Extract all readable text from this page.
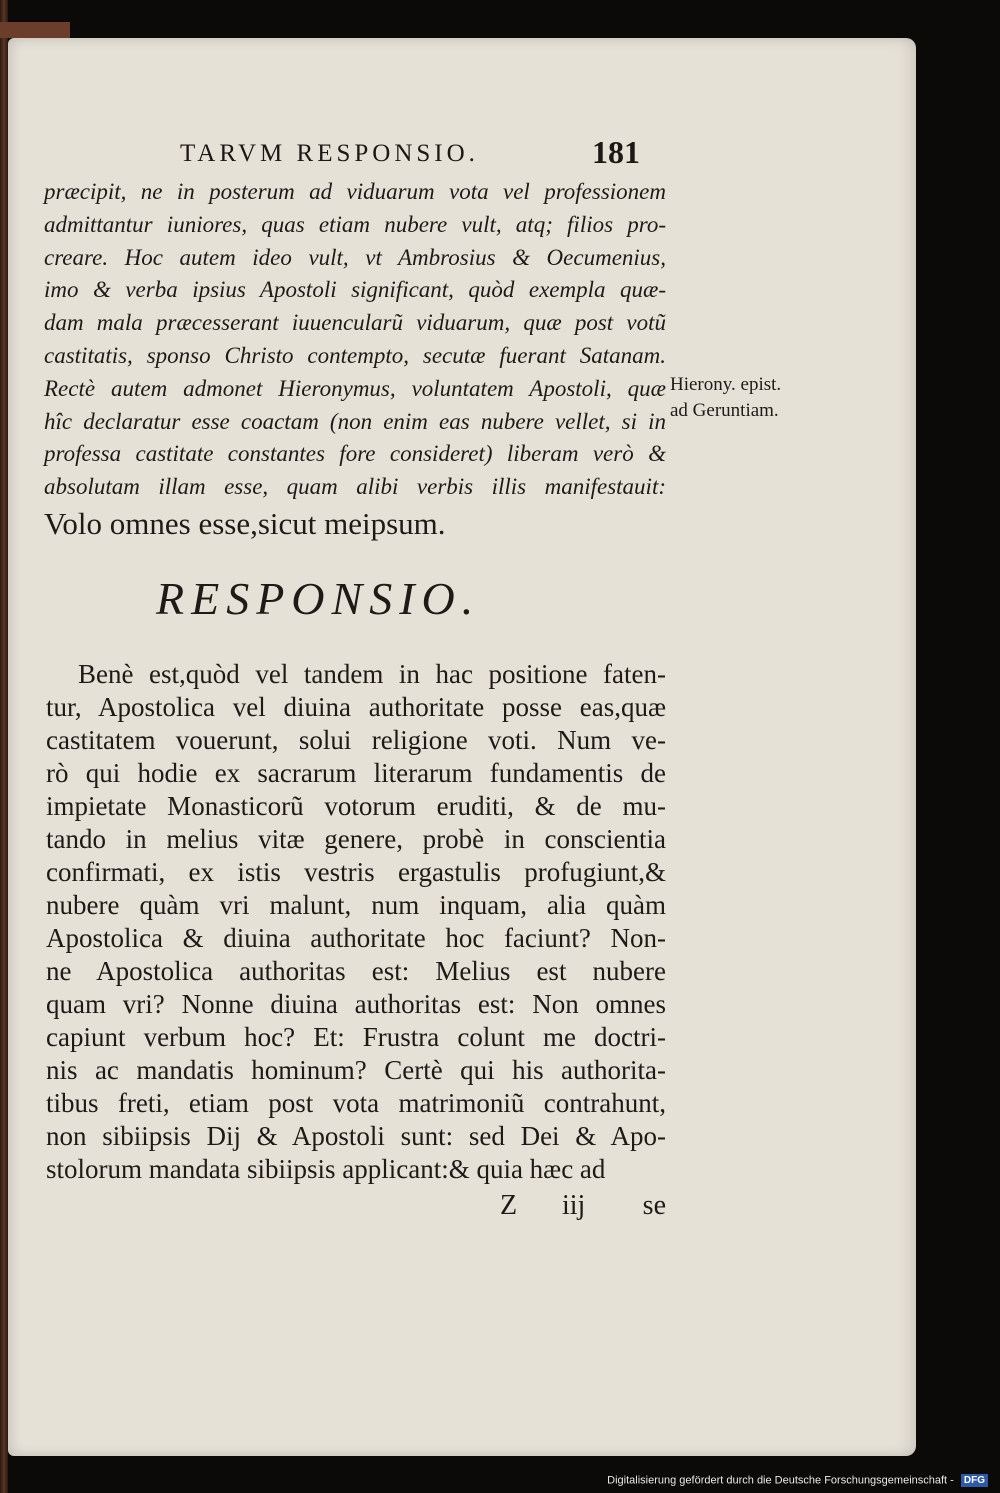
TARVM RESPONSIO.	181
præcipit, ne in posterum ad viduarum vota vel professionem
admittantur iuniores, quas etiam nubere vult, atq; filios pro-
creare. Hoc autem ideo vult, vt Ambrosius & Oecumenius,
imo & verba ipsius Apostoli significant, quòd exempla quæ-
dam mala præcesserant iuuencularũ viduarum, quæ post votũ
castitatis, sponso Christo contempto, secutæ fuerant Satanam.
Rectè autem admonet Hieronymus, voluntatem Apostoli, quæ
hîc declaratur esse coactam (non enim eas nubere vellet, si in
professa castitate constantes fore consideret) liberam verò &
absolutam illam esse, quam alibi verbis illis manifestauit:
Volo omnes esse,sicut meipsum.
Hierony. epist.
ad Geruntiam.
RESPONSIO.
Benè est,quòd vel tandem in hac positione faten-
tur, Apostolica vel diuina authoritate posse eas,quæ
castitatem vouerunt, solui religione voti. Num ve-
rò qui hodie ex sacrarum literarum fundamentis de
impietate Monasticorũ votorum eruditi, & de mu-
tando in melius vitæ genere, probè in conscientia
confirmati, ex istis vestris ergastulis profugiunt,&
nubere quàm vri malunt, num inquam, alia quàm
Apostolica & diuina authoritate hoc faciunt? Non-
ne Apostolica authoritas est: Melius est nubere
quam vri? Nonne diuina authoritas est: Non omnes
capiunt verbum hoc? Et: Frustra colunt me doctri-
nis ac mandatis hominum? Certè qui his authorita-
tibus freti, etiam post vota matrimoniũ contrahunt,
non sibiipsis Dij & Apostoli sunt: sed Dei & Apo-
stolorum mandata sibiipsis applicant:& quia hæc ad
Z iij se
Digitalisierung gefördert durch die Deutsche Forschungsgemeinschaft - DFG
